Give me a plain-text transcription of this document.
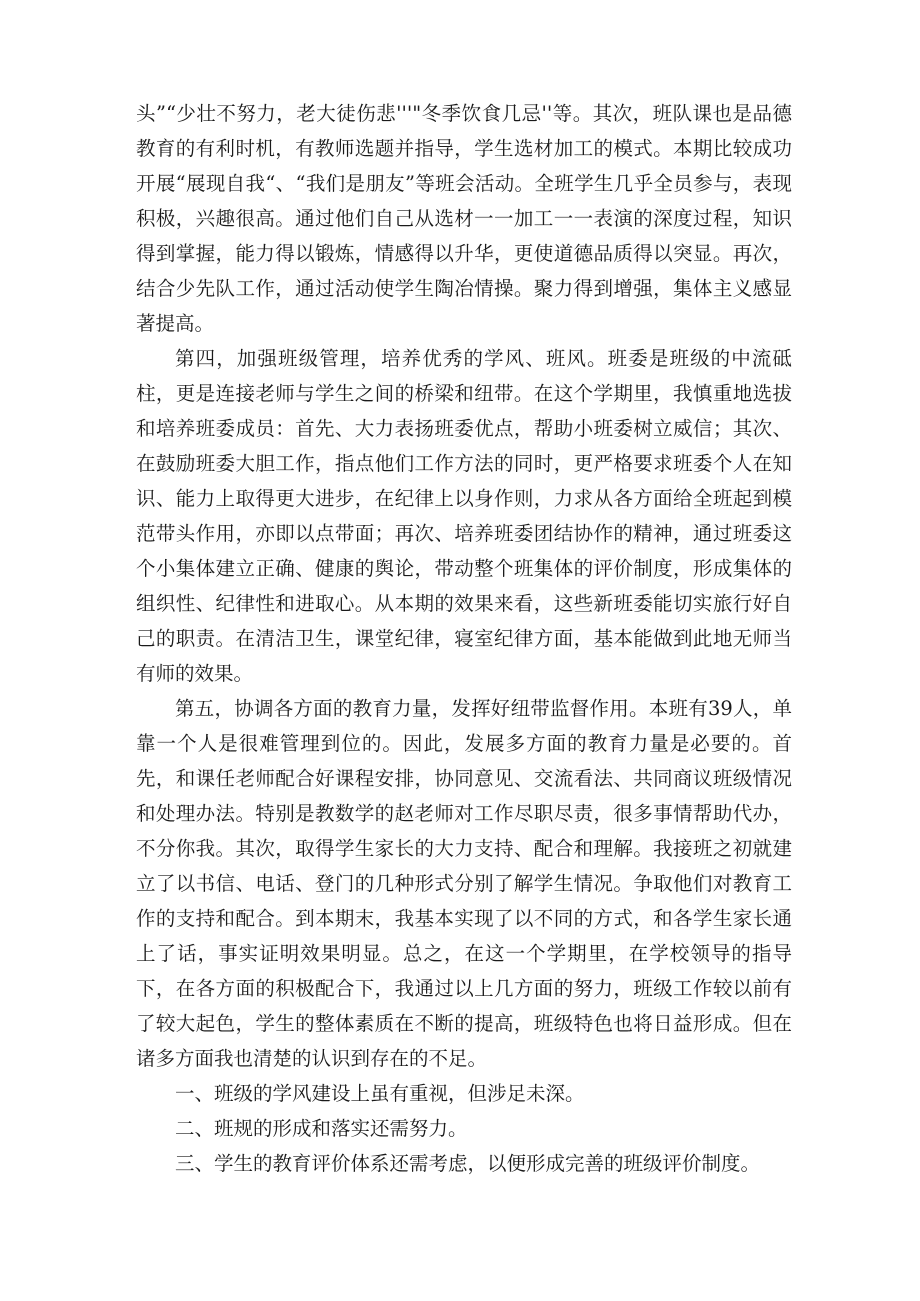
头”“少壮不努力，老大徒伤悲'''"冬季饮食几忌''等。其次，班队课也是品德教育的有利时机，有教师选题并指导，学生选材加工的模式。本期比较成功开展“展现自我“、“我们是朋友”等班会活动。全班学生几乎全员参与，表现积极，兴趣很高。通过他们自己从选材一一加工一一表演的深度过程，知识得到掌握，能力得以锻炼，情感得以升华，更使道德品质得以突显。再次，结合少先队工作，通过活动使学生陶冶情操。聚力得到增强，集体主义感显著提高。

第四，加强班级管理，培养优秀的学风、班风。班委是班级的中流砥柱，更是连接老师与学生之间的桥梁和纽带。在这个学期里，我慎重地选拔和培养班委成员：首先、大力表扬班委优点，帮助小班委树立威信；其次、在鼓励班委大胆工作，指点他们工作方法的同时，更严格要求班委个人在知识、能力上取得更大进步，在纪律上以身作则，力求从各方面给全班起到模范带头作用，亦即以点带面；再次、培养班委团结协作的精神，通过班委这个小集体建立正确、健康的舆论，带动整个班集体的评价制度，形成集体的组织性、纪律性和进取心。从本期的效果来看，这些新班委能切实旅行好自己的职责。在清洁卫生，课堂纪律，寝室纪律方面，基本能做到此地无师当有师的效果。

第五，协调各方面的教育力量，发挥好纽带监督作用。本班有39人，单靠一个人是很难管理到位的。因此，发展多方面的教育力量是必要的。首先，和课任老师配合好课程安排，协同意见、交流看法、共同商议班级情况和处理办法。特别是教数学的赵老师对工作尽职尽责，很多事情帮助代办，不分你我。其次，取得学生家长的大力支持、配合和理解。我接班之初就建立了以书信、电话、登门的几种形式分别了解学生情况。争取他们对教育工作的支持和配合。到本期末，我基本实现了以不同的方式，和各学生家长通上了话，事实证明效果明显。总之，在这一个学期里，在学校领导的指导下，在各方面的积极配合下，我通过以上几方面的努力，班级工作较以前有了较大起色，学生的整体素质在不断的提高，班级特色也将日益形成。但在诸多方面我也清楚的认识到存在的不足。

一、班级的学风建设上虽有重视，但涉足未深。

二、班规的形成和落实还需努力。

三、学生的教育评价体系还需考虑，以便形成完善的班级评价制度。
